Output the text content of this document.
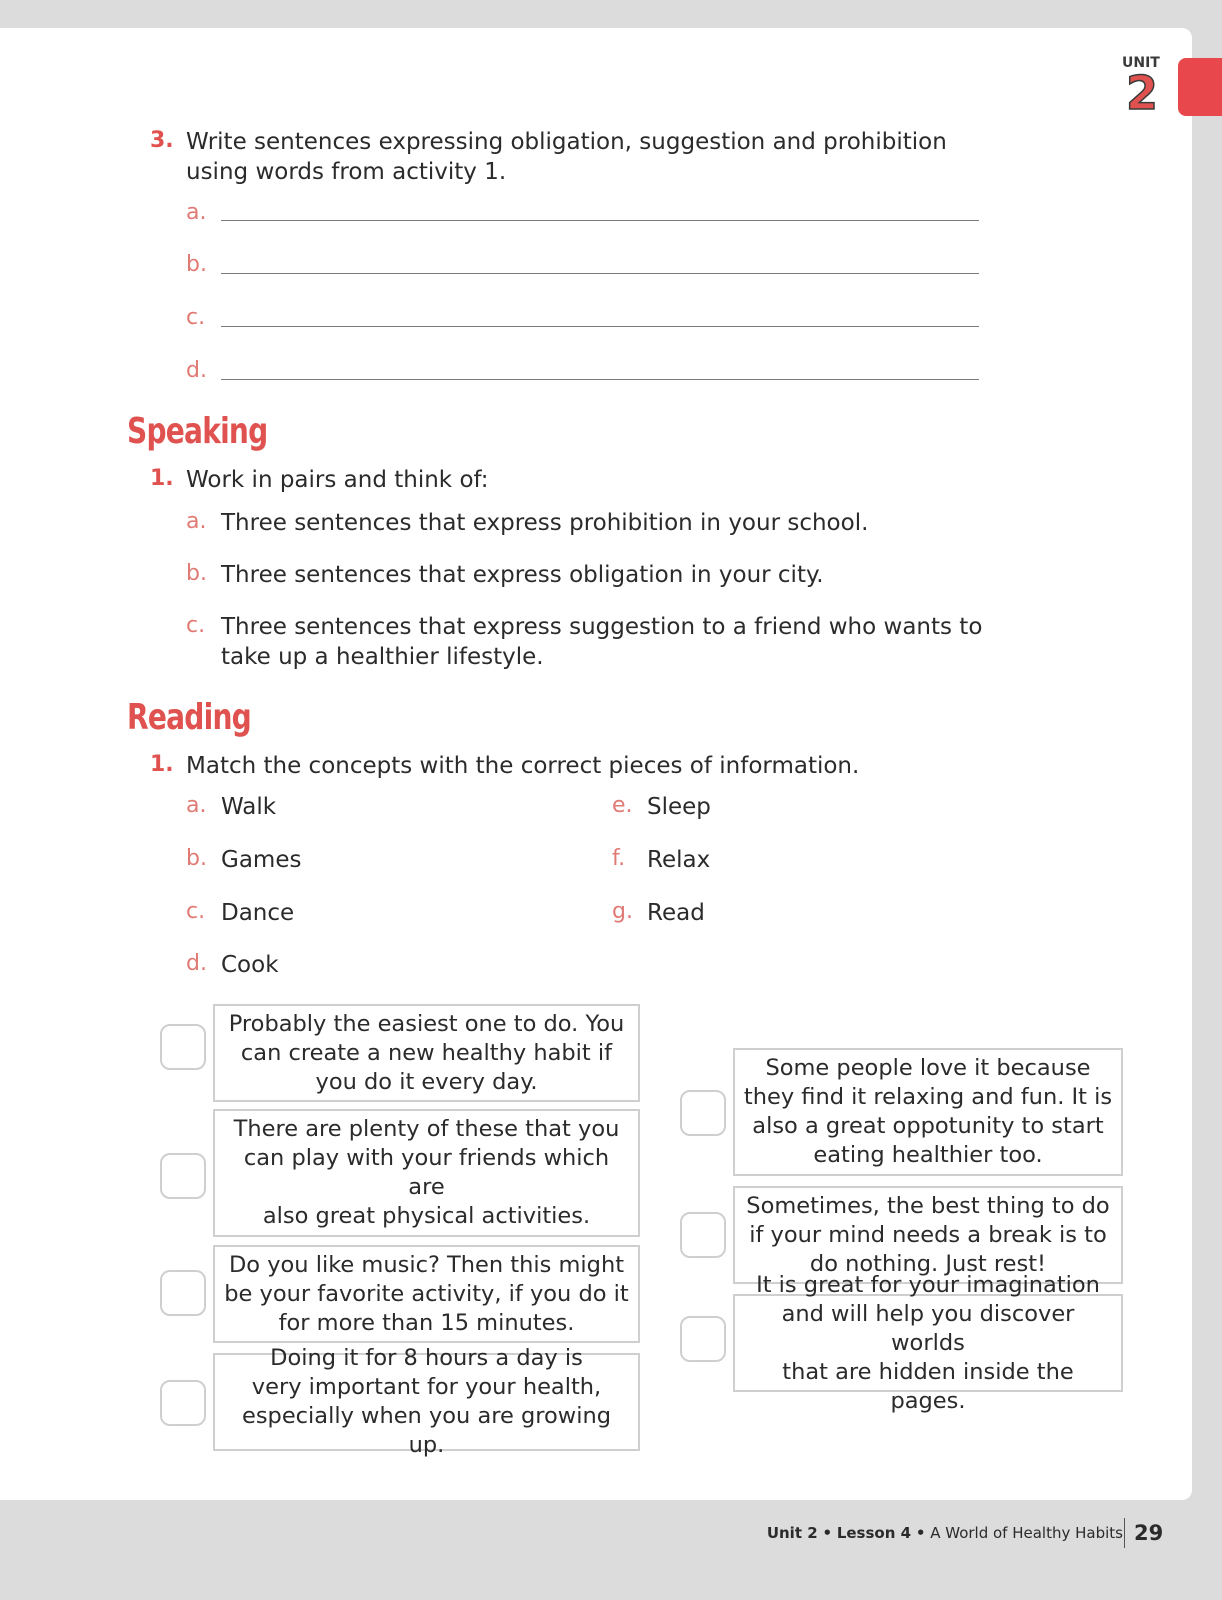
UNIT
2
3. Write sentences expressing obligation, suggestion and prohibition
using words from activity 1.
a.
b.
c.
d.
Speaking
1. Work in pairs and think of:
a. Three sentences that express prohibition in your school.
b. Three sentences that express obligation in your city.
c. Three sentences that express suggestion to a friend who wants to
take up a healthier lifestyle.
Reading
1. Match the concepts with the correct pieces of information.
a. Walk
b. Games
c. Dance
d. Cook
e. Sleep
f. Relax
g. Read
Probably the easiest one to do. You
can create a new healthy habit if
you do it every day.
There are plenty of these that you
can play with your friends which are
also great physical activities.
Do you like music? Then this might
be your favorite activity, if you do it
for more than 15 minutes.
Doing it for 8 hours a day is
very important for your health,
especially when you are growing up.
Some people love it because
they find it relaxing and fun. It is
also a great oppotunity to start
eating healthier too.
Sometimes, the best thing to do
if your mind needs a break is to
do nothing. Just rest!
It is great for your imagination
and will help you discover worlds
that are hidden inside the pages.
Unit 2 • Lesson 4 • A World of Healthy Habits 29
